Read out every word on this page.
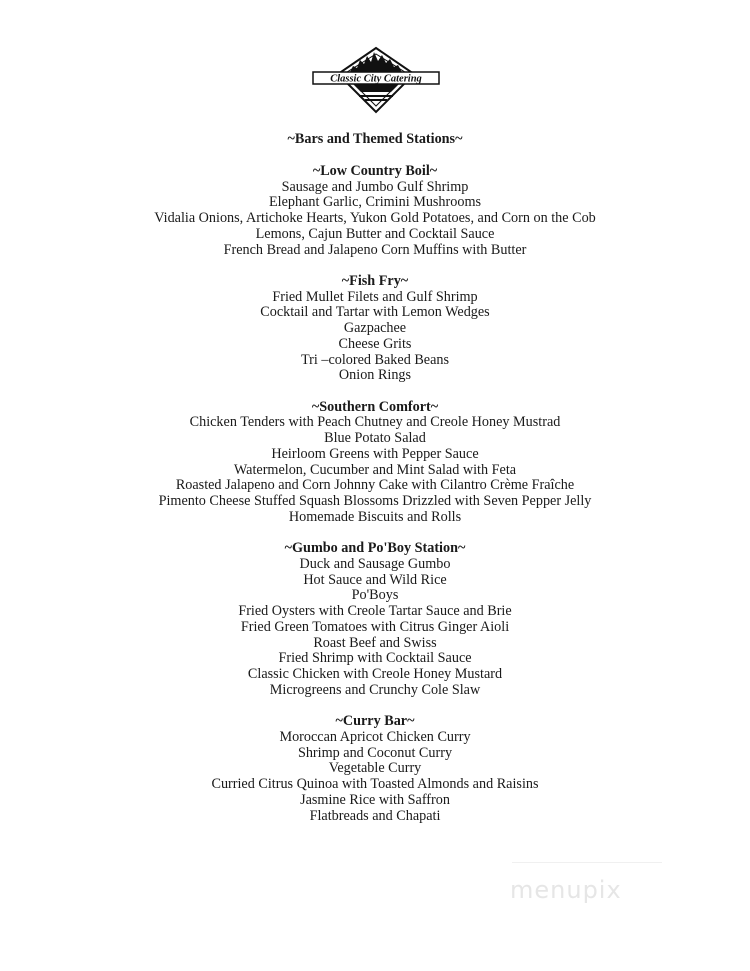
Classic City Catering
~Bars and Themed Stations~
~Low Country Boil~
Sausage and Jumbo Gulf Shrimp
Elephant Garlic, Crimini Mushrooms
Vidalia Onions, Artichoke Hearts, Yukon Gold Potatoes, and Corn on the Cob
Lemons, Cajun Butter and Cocktail Sauce
French Bread and Jalapeno Corn Muffins with Butter
~Fish Fry~
Fried Mullet Filets and Gulf Shrimp
Cocktail and Tartar with Lemon Wedges
Gazpachee
Cheese Grits
Tri –colored Baked Beans
Onion Rings
~Southern Comfort~
Chicken Tenders with Peach Chutney and Creole Honey Mustrad
Blue Potato Salad
Heirloom Greens with Pepper Sauce
Watermelon, Cucumber and Mint Salad with Feta
Roasted Jalapeno and Corn Johnny Cake with Cilantro Crème Fraîche
Pimento Cheese Stuffed Squash Blossoms Drizzled with Seven Pepper Jelly
Homemade Biscuits and Rolls
~Gumbo and Po'Boy Station~
Duck and Sausage Gumbo
Hot Sauce and Wild Rice
Po'Boys
Fried Oysters with Creole Tartar Sauce and Brie
Fried Green Tomatoes with Citrus Ginger Aioli
Roast Beef and Swiss
Fried Shrimp with Cocktail Sauce
Classic Chicken with Creole Honey Mustard
Microgreens and Crunchy Cole Slaw
~Curry Bar~
Moroccan Apricot Chicken Curry
Shrimp and Coconut Curry
Vegetable Curry
Curried Citrus Quinoa with Toasted Almonds and Raisins
Jasmine Rice with Saffron
Flatbreads and Chapati
menupix
